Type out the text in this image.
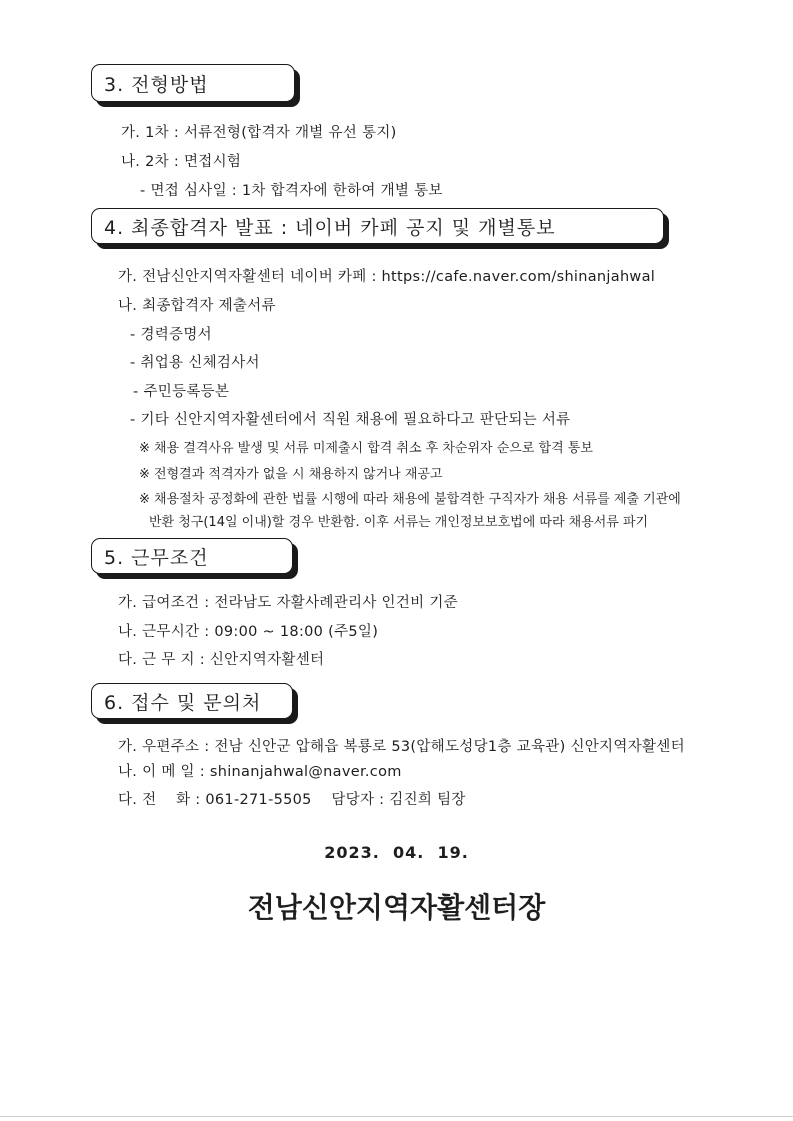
3. 전형방법
가. 1차 : 서류전형(합격자 개별 유선 통지)
나. 2차 : 면접시험
- 면접 심사일 : 1차 합격자에 한하여 개별 통보
4. 최종합격자 발표 : 네이버 카페 공지 및 개별통보
가. 전남신안지역자활센터 네이버 카페 : https://cafe.naver.com/shinanjahwal
나. 최종합격자 제출서류
- 경력증명서
- 취업용 신체검사서
- 주민등록등본
- 기타 신안지역자활센터에서 직원 채용에 필요하다고 판단되는 서류
※ 채용 결격사유 발생 및 서류 미제출시 합격 취소 후 차순위자 순으로 합격 통보
※ 전형결과 적격자가 없을 시 채용하지 않거나 재공고
※ 채용절차 공정화에 관한 법률 시행에 따라 채용에 불합격한 구직자가 채용 서류를 제출 기관에
반환 청구(14일 이내)할 경우 반환함. 이후 서류는 개인정보보호법에 따라 채용서류 파기
5. 근무조건
가. 급여조건 : 전라남도 자활사례관리사 인건비 기준
나. 근무시간 : 09:00 ~ 18:00 (주5일)
다. 근 무 지 : 신안지역자활센터
6. 접수 및 문의처
가. 우편주소 : 전남 신안군 압해읍 복룡로 53(압해도성당1층 교육관) 신안지역자활센터
나. 이 메 일 : shinanjahwal@naver.com
다. 전    화 : 061-271-5505    담당자 : 김진희 팀장
2023.  04.  19.
전남신안지역자활센터장
